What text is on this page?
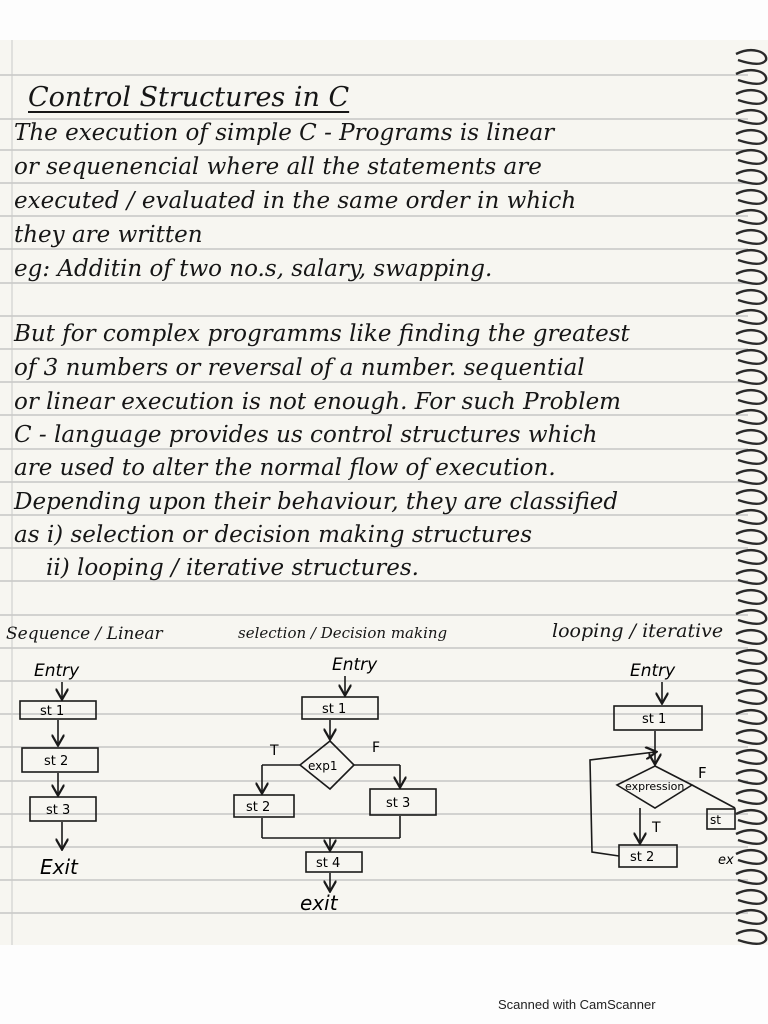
Control Structures in C
The execution of simple C - Programs is linear
or sequenencial where all the statements are
executed / evaluated in the same order in which
they are written
eg: Additin of two no.s, salary, swapping.
But for complex programms like finding the greatest
of 3 numbers or reversal of a number. sequential
or linear execution is not enough. For such Problem
C - language provides us control structures which
are used to alter the normal flow of execution.
Depending upon their behaviour, they are classified
as i) selection or decision making structures
ii) looping / iterative structures.
Sequence / Linear	selection / Decision making	looping / iterative
Entry
st 1
st 2
st 3
Exit
Entry
st 1
exp1
T	F
st 2	st 3
st 4
exit
Entry
st 1
expression
F
st
ex
T
st 2
Scanned with CamScanner
